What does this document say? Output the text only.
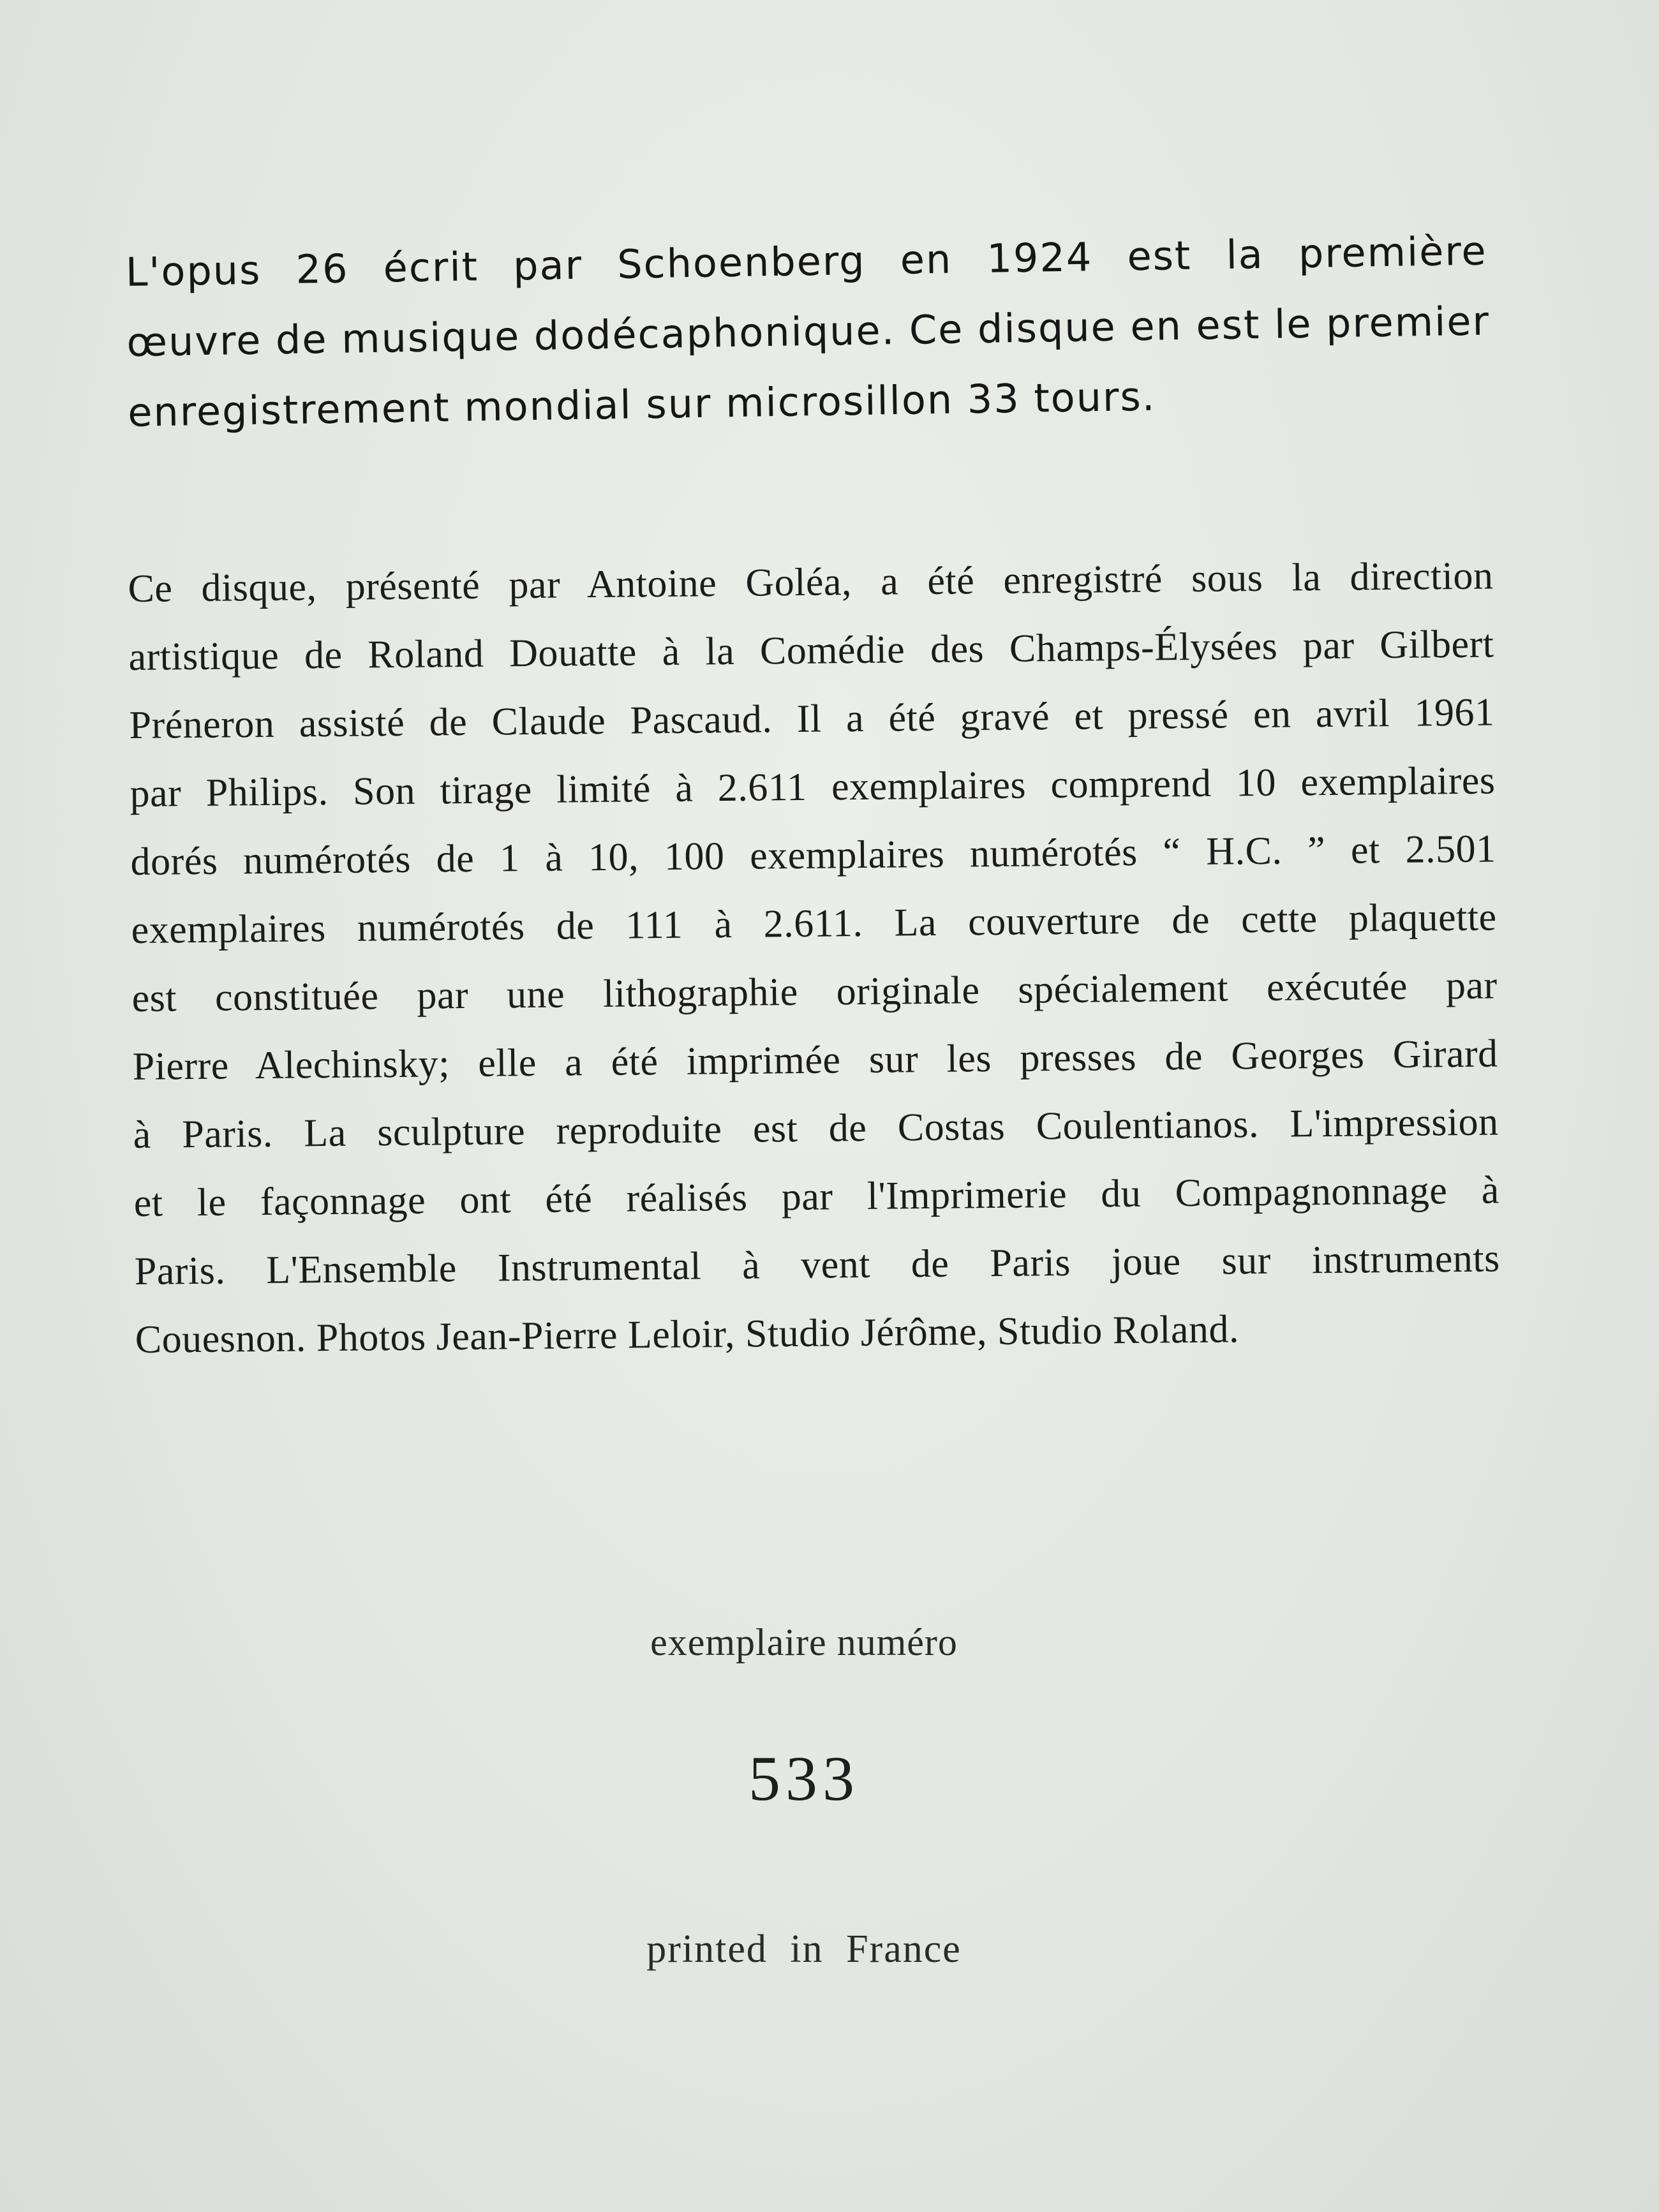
L'opus 26 écrit par Schoenberg en 1924 est la première
œuvre de musique dodécaphonique. Ce disque en est le premier
enregistrement mondial sur microsillon 33 tours.
Ce disque, présenté par Antoine Goléa, a été enregistré sous la direction
artistique de Roland Douatte à la Comédie des Champs-Élysées par Gilbert
Préneron assisté de Claude Pascaud. Il a été gravé et pressé en avril 1961
par Philips. Son tirage limité à 2.611 exemplaires comprend 10 exemplaires
dorés numérotés de 1 à 10, 100 exemplaires numérotés “ H.C. ” et 2.501
exemplaires numérotés de 111 à 2.611. La couverture de cette plaquette
est constituée par une lithographie originale spécialement exécutée par
Pierre Alechinsky; elle a été imprimée sur les presses de Georges Girard
à Paris. La sculpture reproduite est de Costas Coulentianos. L'impression
et le façonnage ont été réalisés par l'Imprimerie du Compagnonnage à
Paris. L'Ensemble Instrumental à vent de Paris joue sur instruments
Couesnon. Photos Jean-Pierre Leloir, Studio Jérôme, Studio Roland.
exemplaire numéro
533
printed in France
